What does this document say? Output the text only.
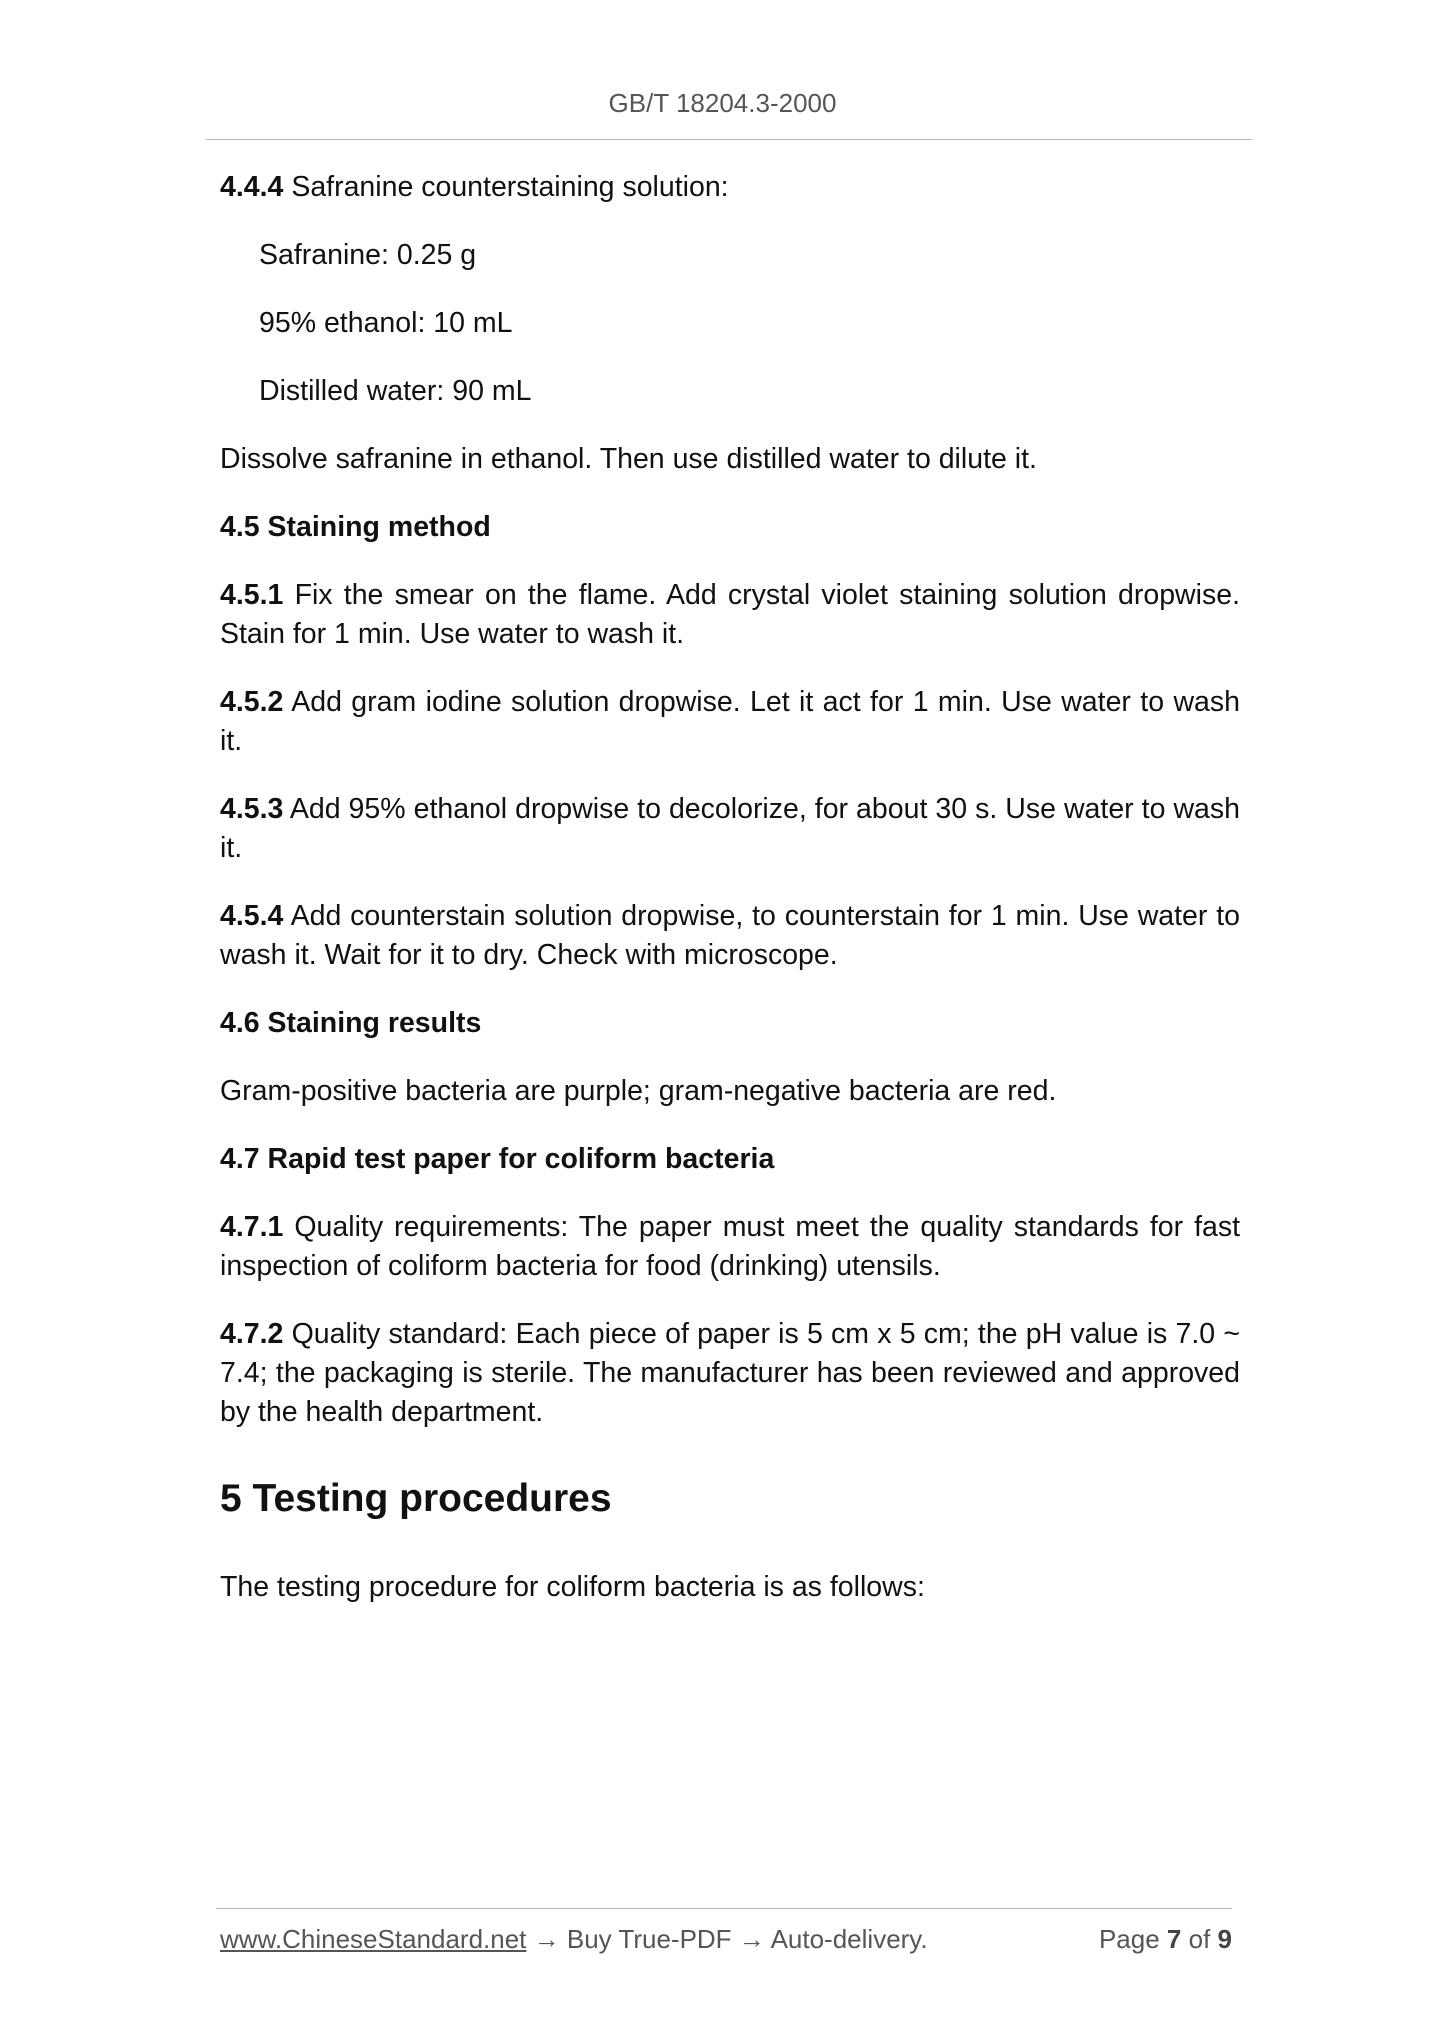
GB/T 18204.3-2000

4.4.4 Safranine counterstaining solution:

Safranine: 0.25 g
95% ethanol: 10 mL
Distilled water: 90 mL

Dissolve safranine in ethanol. Then use distilled water to dilute it.

4.5 Staining method

4.5.1 Fix the smear on the flame. Add crystal violet staining solution dropwise. Stain for 1 min. Use water to wash it.

4.5.2 Add gram iodine solution dropwise. Let it act for 1 min. Use water to wash it.

4.5.3 Add 95% ethanol dropwise to decolorize, for about 30 s. Use water to wash it.

4.5.4 Add counterstain solution dropwise, to counterstain for 1 min. Use water to wash it. Wait for it to dry. Check with microscope.

4.6 Staining results

Gram-positive bacteria are purple; gram-negative bacteria are red.

4.7 Rapid test paper for coliform bacteria

4.7.1 Quality requirements: The paper must meet the quality standards for fast inspection of coliform bacteria for food (drinking) utensils.

4.7.2 Quality standard: Each piece of paper is 5 cm x 5 cm; the pH value is 7.0 ~ 7.4; the packaging is sterile. The manufacturer has been reviewed and approved by the health department.

5 Testing procedures

The testing procedure for coliform bacteria is as follows:

www.ChineseStandard.net → Buy True-PDF → Auto-delivery.	Page 7 of 9
